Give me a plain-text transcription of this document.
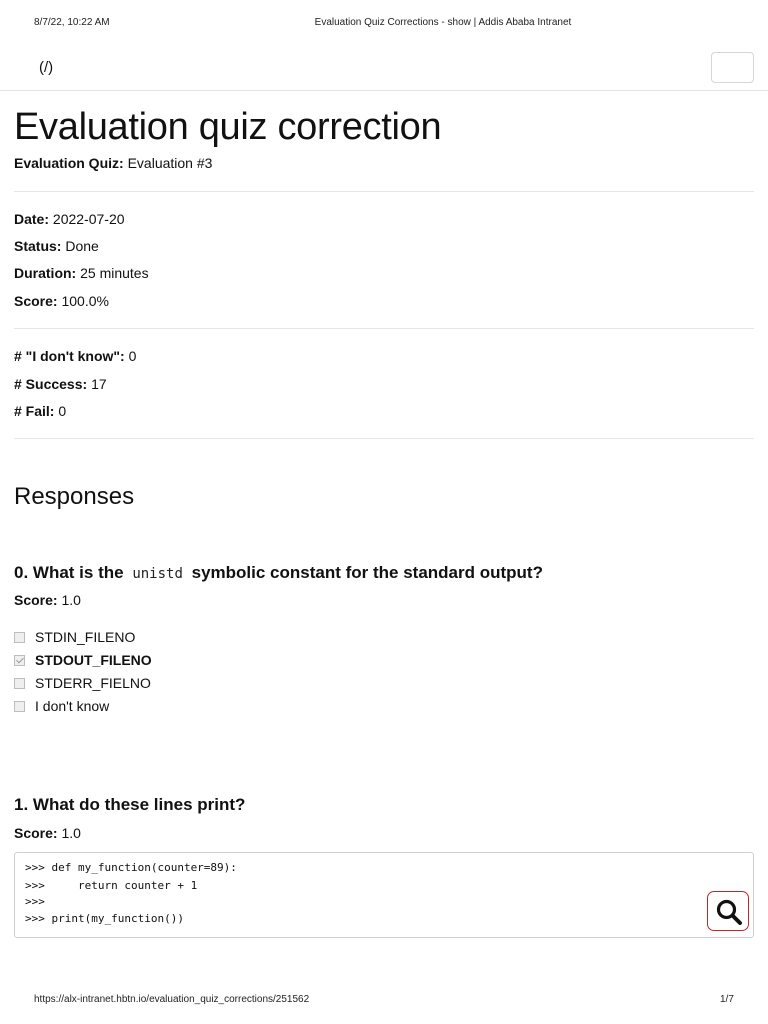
8/7/22, 10:22 AM	Evaluation Quiz Corrections - show | Addis Ababa Intranet
(/)
Evaluation quiz correction
Evaluation Quiz: Evaluation #3
Date: 2022-07-20
Status: Done
Duration: 25 minutes
Score: 100.0%
# "I don't know": 0
# Success: 17
# Fail: 0
Responses
0. What is the unistd symbolic constant for the standard output?
Score: 1.0
STDIN_FILENO
STDOUT_FILENO
STDERR_FIELNO
I don't know
1. What do these lines print?
Score: 1.0
>>> def my_function(counter=89):
>>>     return counter + 1
>>>
>>> print(my_function())
https://alx-intranet.hbtn.io/evaluation_quiz_corrections/251562	1/7
